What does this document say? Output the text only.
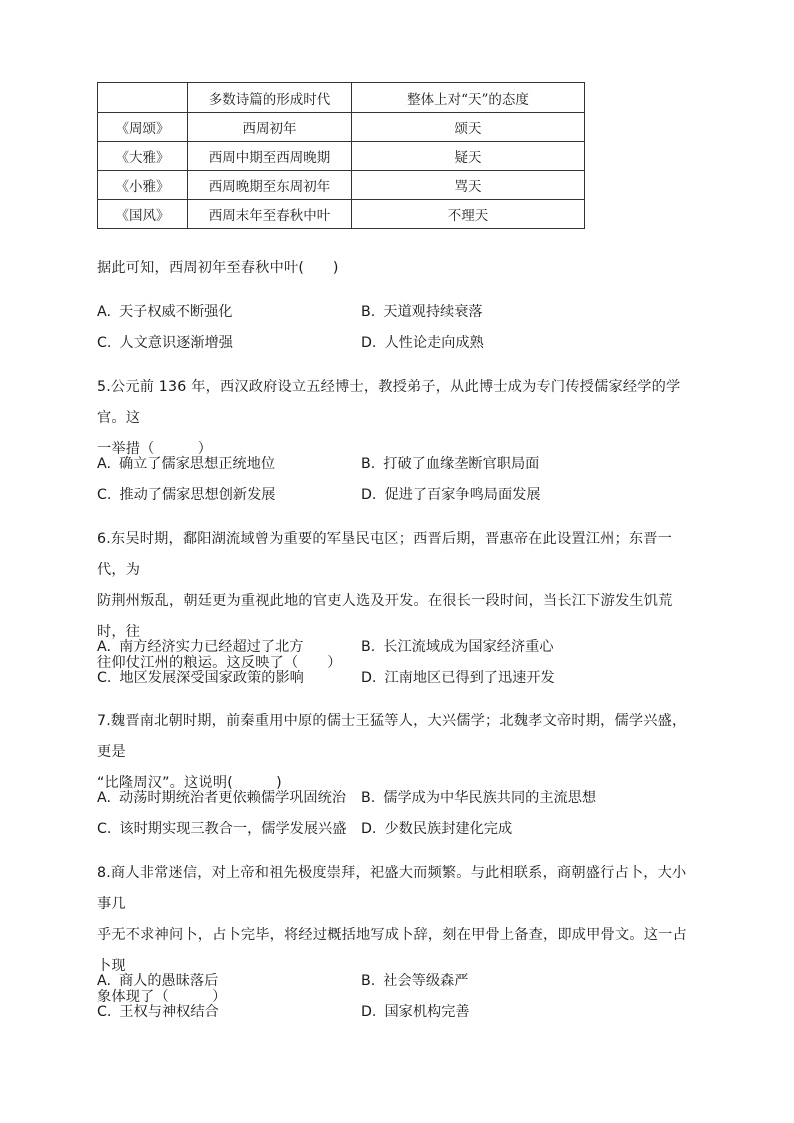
	多数诗篇的形成时代	整体上对“天”的态度
《周颂》	西周初年	颂天
《大雅》	西周中期至西周晚期	疑天
《小雅》	西周晚期至东周初年	骂天
《国风》	西周末年至春秋中叶	不理天
据此可知，西周初年至春秋中叶(　　)
A. 天子权威不断强化	B. 天道观持续衰落
C. 人文意识逐渐增强	D. 人性论走向成熟
5.公元前 136 年，西汉政府设立五经博士，教授弟子，从此博士成为专门传授儒家经学的学官。这
一举措（　　　）
A. 确立了儒家思想正统地位	B. 打破了血缘垄断官职局面
C. 推动了儒家思想创新发展	D. 促进了百家争鸣局面发展
6.东吴时期，鄱阳湖流域曾为重要的军垦民屯区；西晋后期，晋惠帝在此设置江州；东晋一代，为
防荆州叛乱，朝廷更为重视此地的官吏人选及开发。在很长一段时间，当长江下游发生饥荒时，往
往仰仗江州的粮运。这反映了（　　）
A. 南方经济实力已经超过了北方	B. 长江流域成为国家经济重心
C. 地区发展深受国家政策的影响	D. 江南地区已得到了迅速开发
7.魏晋南北朝时期，前秦重用中原的儒士王猛等人，大兴儒学；北魏孝文帝时期，儒学兴盛，更是
“比隆周汉”。这说明(　　　)
A. 动荡时期统治者更依赖儒学巩固统治 B. 儒学成为中华民族共同的主流思想
C. 该时期实现三教合一，儒学发展兴盛 D. 少数民族封建化完成
8.商人非常迷信，对上帝和祖先极度崇拜，祀盛大而频繁。与此相联系，商朝盛行占卜，大小事几
乎无不求神问卜，占卜完毕，将经过概括地写成卜辞，刻在甲骨上备查，即成甲骨文。这一占卜现
象体现了（　　　）
A. 商人的愚昧落后	B. 社会等级森严
C. 王权与神权结合	D. 国家机构完善
